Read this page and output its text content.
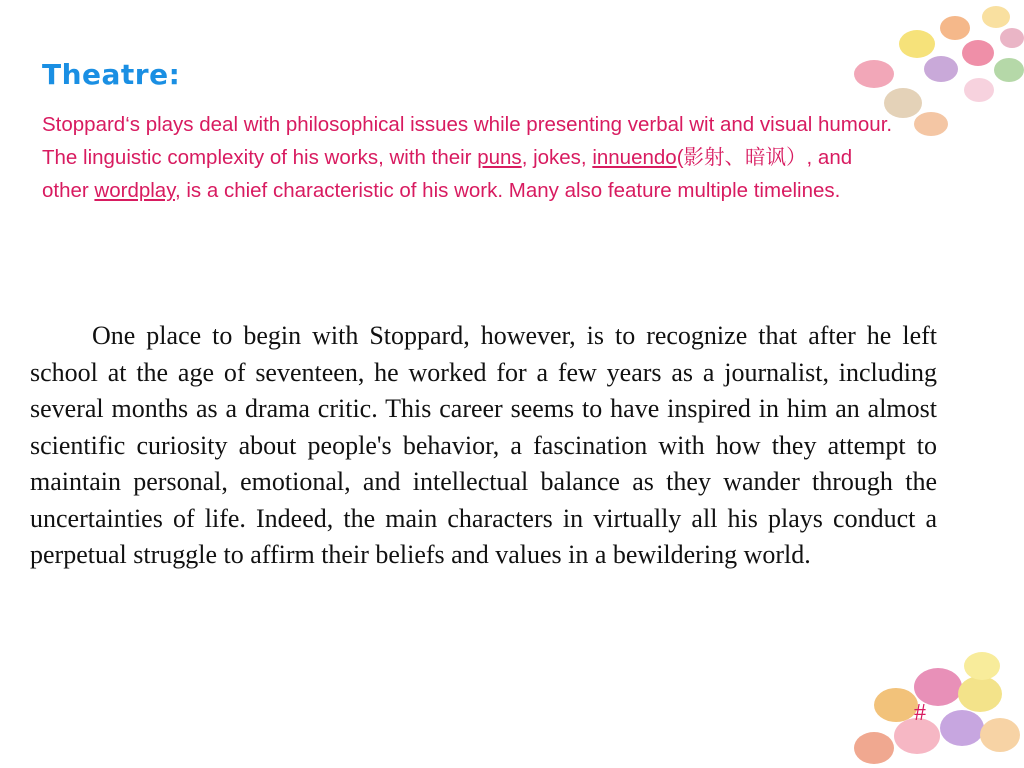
Theatre:

Stoppard‘s plays deal with philosophical issues while presenting verbal wit and visual humour. The linguistic complexity of his works, with their puns, jokes, innuendo(影射、暗讽）, and other wordplay, is a chief characteristic of his work. Many also feature multiple timelines.

One place to begin with Stoppard, however, is to recognize that after he left school at the age of seventeen, he worked for a few years as a journalist, including several months as a drama critic. This career seems to have inspired in him an almost scientific curiosity about people's behavior, a fascination with how they attempt to maintain personal, emotional, and intellectual balance as they wander through the uncertainties of life. Indeed, the main characters in virtually all his plays conduct a perpetual struggle to affirm their beliefs and values in a bewildering world.

#
